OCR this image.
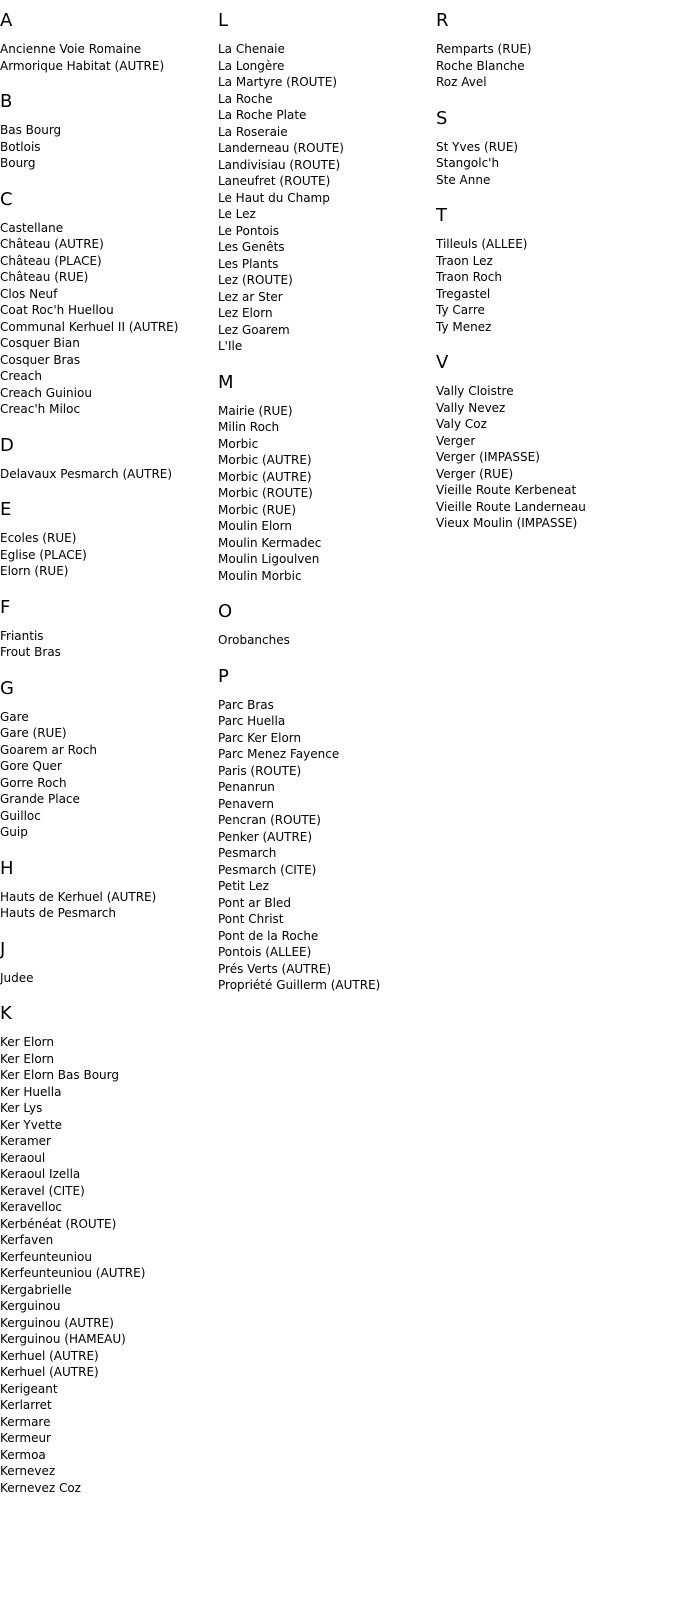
A
Ancienne Voie Romaine
Armorique Habitat (AUTRE)
B
Bas Bourg
Botlois
Bourg
C
Castellane
Château (AUTRE)
Château (PLACE)
Château (RUE)
Clos Neuf
Coat Roc'h Huellou
Communal Kerhuel II (AUTRE)
Cosquer Bian
Cosquer Bras
Creach
Creach Guiniou
Creac'h Miloc
D
Delavaux Pesmarch (AUTRE)
E
Ecoles (RUE)
Eglise (PLACE)
Elorn (RUE)
F
Friantis
Frout Bras
G
Gare
Gare (RUE)
Goarem ar Roch
Gore Quer
Gorre Roch
Grande Place
Guilloc
Guip
H
Hauts de Kerhuel (AUTRE)
Hauts de Pesmarch
J
Judee
K
Ker Elorn
Ker Elorn
Ker Elorn Bas Bourg
Ker Huella
Ker Lys
Ker Yvette
Keramer
Keraoul
Keraoul Izella
Keravel (CITE)
Keravelloc
Kerbénéat (ROUTE)
Kerfaven
Kerfeunteuniou
Kerfeunteuniou (AUTRE)
Kergabrielle
Kerguinou
Kerguinou (AUTRE)
Kerguinou (HAMEAU)
Kerhuel (AUTRE)
Kerhuel (AUTRE)
Kerigeant
Kerlarret
Kermare
Kermeur
Kermoa
Kernevez
Kernevez Coz
L
La Chenaie
La Longère
La Martyre (ROUTE)
La Roche
La Roche Plate
La Roseraie
Landerneau (ROUTE)
Landivisiau (ROUTE)
Laneufret (ROUTE)
Le Haut du Champ
Le Lez
Le Pontois
Les Genêts
Les Plants
Lez (ROUTE)
Lez ar Ster
Lez Elorn
Lez Goarem
L'Ile
M
Mairie (RUE)
Milin Roch
Morbic
Morbic (AUTRE)
Morbic (AUTRE)
Morbic (ROUTE)
Morbic (RUE)
Moulin Elorn
Moulin Kermadec
Moulin Ligoulven
Moulin Morbic
O
Orobanches
P
Parc Bras
Parc Huella
Parc Ker Elorn
Parc Menez Fayence
Paris (ROUTE)
Penanrun
Penavern
Pencran (ROUTE)
Penker (AUTRE)
Pesmarch
Pesmarch (CITE)
Petit Lez
Pont ar Bled
Pont Christ
Pont de la Roche
Pontois (ALLEE)
Prés Verts (AUTRE)
Propriété Guillerm (AUTRE)
R
Remparts (RUE)
Roche Blanche
Roz Avel
S
St Yves (RUE)
Stangolc'h
Ste Anne
T
Tilleuls (ALLEE)
Traon Lez
Traon Roch
Tregastel
Ty Carre
Ty Menez
V
Vally Cloistre
Vally Nevez
Valy Coz
Verger
Verger (IMPASSE)
Verger (RUE)
Vieille Route Kerbeneat
Vieille Route Landerneau
Vieux Moulin (IMPASSE)
